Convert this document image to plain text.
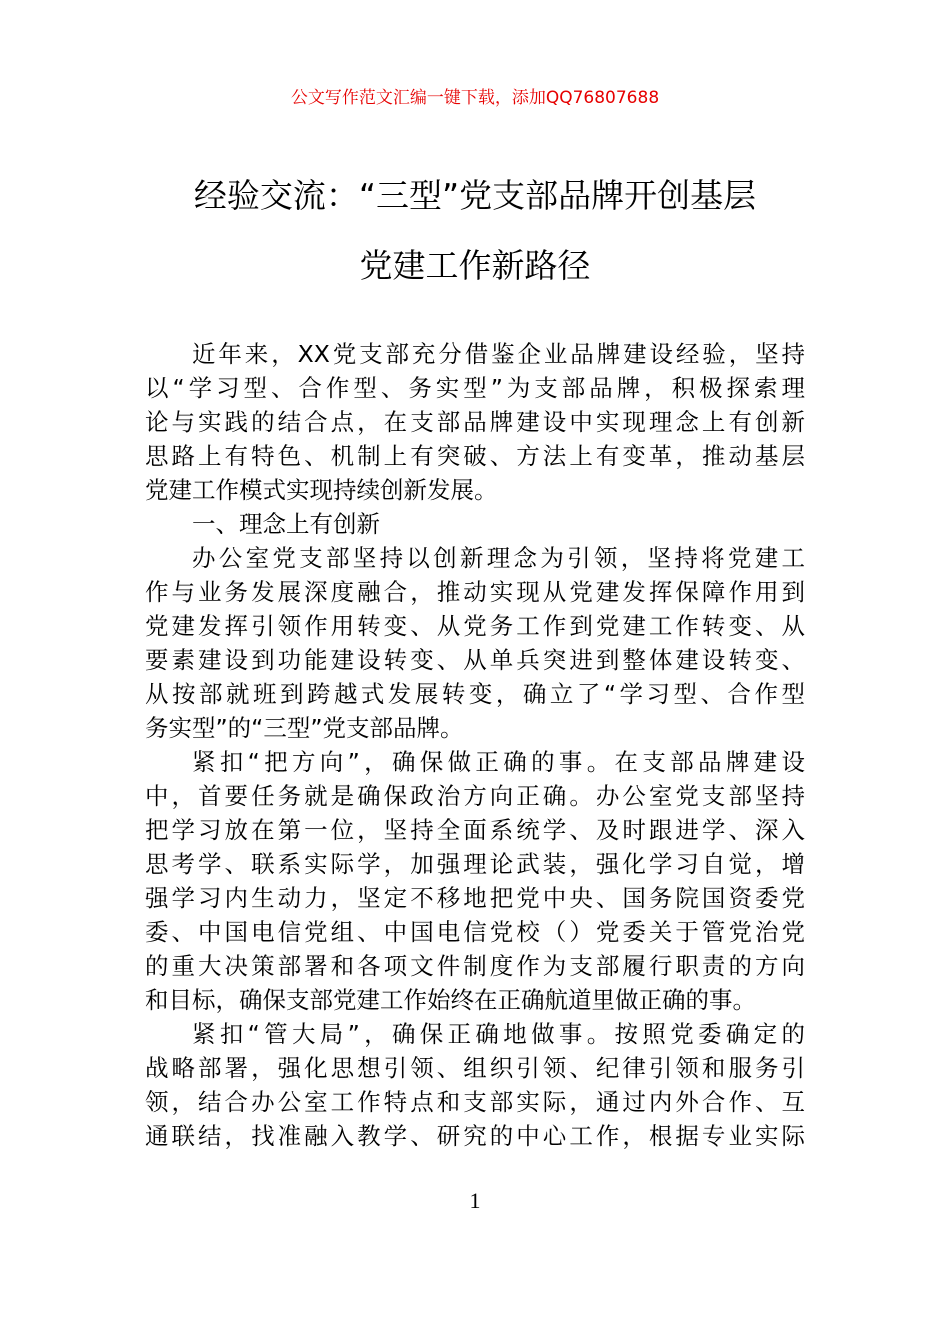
公文写作范文汇编一键下载，添加QQ76807688
经验交流：“三型”党支部品牌开创基层
党建工作新路径
近年来，XX党支部充分借鉴企业品牌建设经验，坚持
以“学习型、合作型、务实型”为支部品牌，积极探索理
论与实践的结合点，在支部品牌建设中实现理念上有创新
思路上有特色、机制上有突破、方法上有变革，推动基层
党建工作模式实现持续创新发展。
一、理念上有创新
办公室党支部坚持以创新理念为引领，坚持将党建工
作与业务发展深度融合，推动实现从党建发挥保障作用到
党建发挥引领作用转变、从党务工作到党建工作转变、从
要素建设到功能建设转变、从单兵突进到整体建设转变、
从按部就班到跨越式发展转变，确立了“学习型、合作型
务实型”的“三型”党支部品牌。
紧扣“把方向”，确保做正确的事。在支部品牌建设
中，首要任务就是确保政治方向正确。办公室党支部坚持
把学习放在第一位，坚持全面系统学、及时跟进学、深入
思考学、联系实际学，加强理论武装，强化学习自觉，增
强学习内生动力，坚定不移地把党中央、国务院国资委党
委、中国电信党组、中国电信党校（）党委关于管党治党
的重大决策部署和各项文件制度作为支部履行职责的方向
和目标，确保支部党建工作始终在正确航道里做正确的事。
紧扣“管大局”，确保正确地做事。按照党委确定的
战略部署，强化思想引领、组织引领、纪律引领和服务引
领，结合办公室工作特点和支部实际，通过内外合作、互
通联结，找准融入教学、研究的中心工作，根据专业实际
1
